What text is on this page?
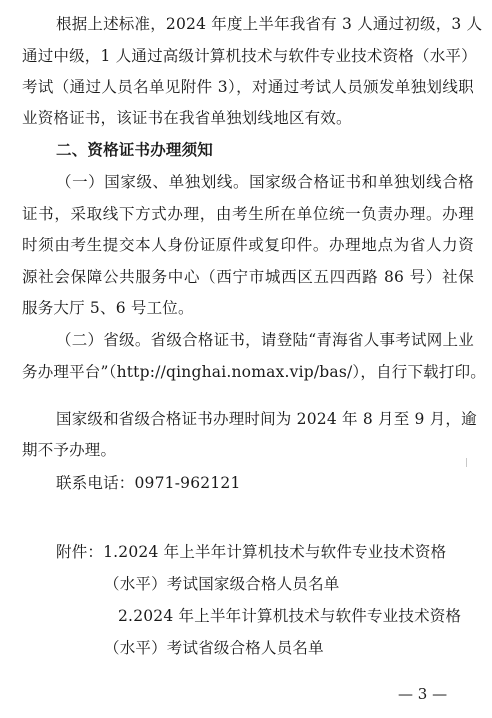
根据上述标准，2024 年度上半年我省有 3 人通过初级，3 人
通过中级，1 人通过高级计算机技术与软件专业技术资格（水平）
考试（通过人员名单见附件 3），对通过考试人员颁发单独划线职
业资格证书，该证书在我省单独划线地区有效。
二、资格证书办理须知
（一）国家级、单独划线。国家级合格证书和单独划线合格
证书，采取线下方式办理，由考生所在单位统一负责办理。办理
时须由考生提交本人身份证原件或复印件。办理地点为省人力资
源社会保障公共服务中心（西宁市城西区五四西路 86 号）社保
服务大厅 5、6 号工位。
（二）省级。省级合格证书，请登陆“青海省人事考试网上业
务办理平台”（http://qinghai.nomax.vip/bas/），自行下载打印。
国家级和省级合格证书办理时间为 2024 年 8 月至 9 月，逾
期不予办理。
联系电话：0971-962121
附件：1.2024 年上半年计算机技术与软件专业技术资格
（水平）考试国家级合格人员名单
2.2024 年上半年计算机技术与软件专业技术资格
（水平）考试省级合格人员名单
— 3 —
